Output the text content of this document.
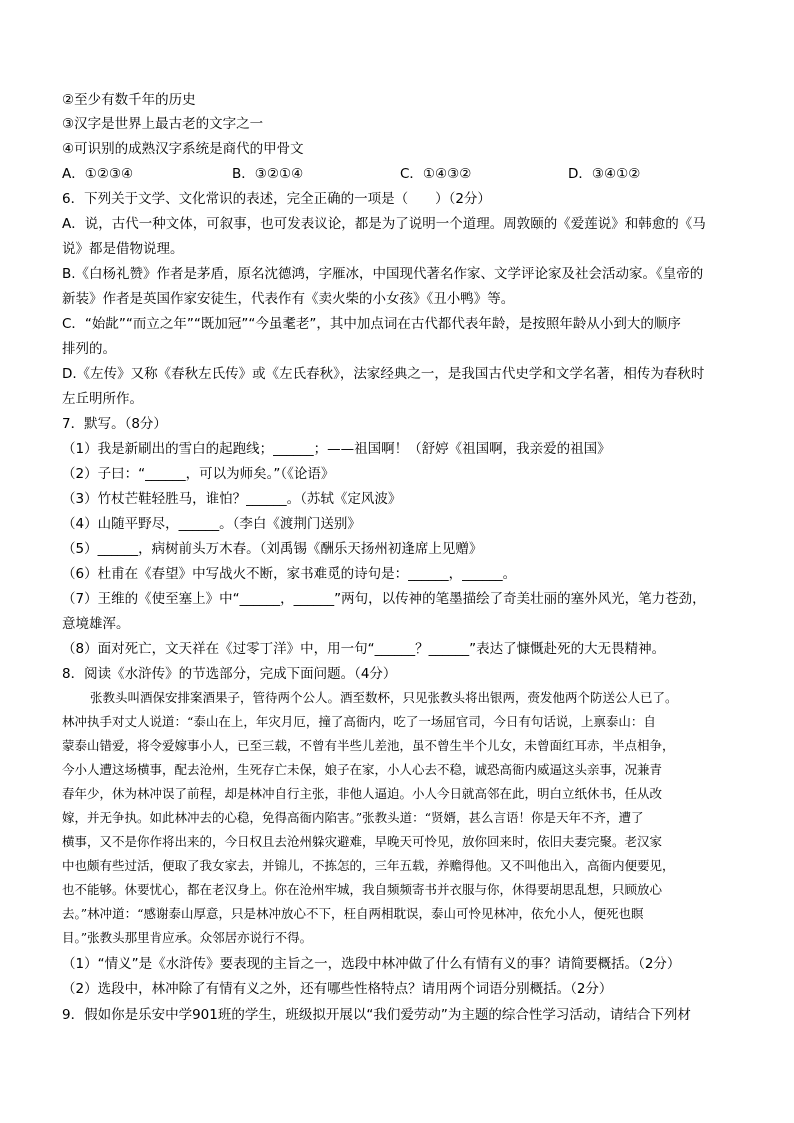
②至少有数千年的历史
③汉字是世界上最古老的文字之一
④可识别的成熟汉字系统是商代的甲骨文
A．①②③④	B．③②①④	C．①④③②	D．③④①②
6．下列关于文学、文化常识的表述，完全正确的一项是（　　）（2分）
A．说，古代一种文体，可叙事，也可发表议论，都是为了说明一个道理。周敦颐的《爱莲说》和韩愈的《马
说》都是借物说理。
B.《白杨礼赞》作者是茅盾，原名沈德鸿，字雁冰，中国现代著名作家、文学评论家及社会活动家。《皇帝的
新装》作者是英国作家安徒生，代表作有《卖火柴的小女孩》《丑小鸭》等。
C．“始龀”“而立之年”“既加冠”“今虽耄老”，其中加点词在古代都代表年龄，是按照年龄从小到大的顺序
排列的。
D.《左传》又称《春秋左氏传》或《左氏春秋》，法家经典之一，是我国古代史学和文学名著，相传为春秋时
左丘明所作。
7．默写。（8分）
（1）我是新刷出的雪白的起跑线；______；——祖国啊！（舒婷《祖国啊，我亲爱的祖国》
（2）子曰：“______，可以为师矣。”（《论语》
（3）竹杖芒鞋轻胜马，谁怕？______。（苏轼《定风波》
（4）山随平野尽，______。（李白《渡荆门送别》
（5）______，病树前头万木春。（刘禹锡《酬乐天扬州初逢席上见赠》
（6）杜甫在《春望》中写战火不断，家书难觅的诗句是：______，______。
（7）王维的《使至塞上》中“______，______”两句，以传神的笔墨描绘了奇美壮丽的塞外风光，笔力苍劲，
意境雄浑。
（8）面对死亡，文天祥在《过零丁洋》中，用一句“______？______”表达了慷慨赴死的大无畏精神。
8．阅读《水浒传》的节选部分，完成下面问题。（4分）
张教头叫酒保安排案酒果子，管待两个公人。酒至数杯，只见张教头将出银两，赍发他两个防送公人已了。
林冲执手对丈人说道：“泰山在上，年灾月厄，撞了高衙内，吃了一场屈官司，今日有句话说，上禀泰山：自
蒙泰山错爱，将令爱嫁事小人，已至三载，不曾有半些儿差池，虽不曾生半个儿女，未曾面红耳赤，半点相争，
今小人遭这场横事，配去沧州，生死存亡未保，娘子在家，小人心去不稳，诚恐高衙内威逼这头亲事，况兼青
春年少，休为林冲误了前程，却是林冲自行主张，非他人逼迫。小人今日就高邻在此，明白立纸休书，任从改
嫁，并无争执。如此林冲去的心稳，免得高衙内陷害。”张教头道：“贤婿，甚么言语！你是天年不齐，遭了
横事，又不是你作将出来的，今日权且去沧州躲灾避难，早晚天可怜见，放你回来时，依旧夫妻完聚。老汉家
中也颇有些过活，便取了我女家去，并锦儿，不拣怎的，三年五载，养赡得他。又不叫他出入，高衙内便要见，
也不能够。休要忧心，都在老汉身上。你在沧州牢城，我自频频寄书并衣服与你，休得要胡思乱想，只顾放心
去。”林冲道：“感谢泰山厚意，只是林冲放心不下，枉自两相耽误，泰山可怜见林冲，依允小人，便死也瞑
目。”张教头那里肯应承。众邻居亦说行不得。
（1）“情义”是《水浒传》要表现的主旨之一，选段中林冲做了什么有情有义的事？请简要概括。（2分）
（2）选段中，林冲除了有情有义之外，还有哪些性格特点？请用两个词语分别概括。（2分）
9．假如你是乐安中学901班的学生，班级拟开展以“我们爱劳动”为主题的综合性学习活动，请结合下列材
